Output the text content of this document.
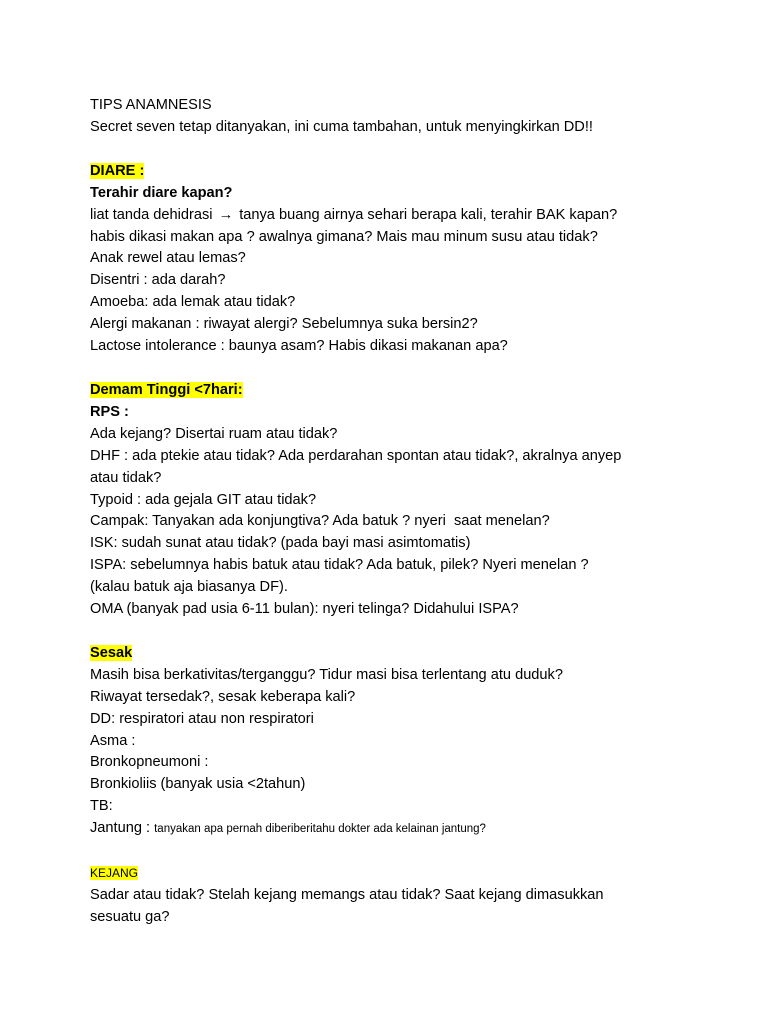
TIPS ANAMNESIS
Secret seven tetap ditanyakan, ini cuma tambahan, untuk menyingkirkan DD!!
DIARE :
Terahir diare kapan?
liat tanda dehidrasi → tanya buang airnya sehari berapa kali, terahir BAK kapan?
habis dikasi makan apa ? awalnya gimana? Mais mau minum susu atau tidak?
Anak rewel atau lemas?
Disentri : ada darah?
Amoeba: ada lemak atau tidak?
Alergi makanan : riwayat alergi? Sebelumnya suka bersin2?
Lactose intolerance : baunya asam? Habis dikasi makanan apa?
Demam Tinggi <7hari:
RPS :
Ada kejang? Disertai ruam atau tidak?
DHF : ada ptekie atau tidak? Ada perdarahan spontan atau tidak?, akralnya anyep
atau tidak?
Typoid : ada gejala GIT atau tidak?
Campak: Tanyakan ada konjungtiva? Ada batuk ? nyeri  saat menelan?
ISK: sudah sunat atau tidak? (pada bayi masi asimtomatis)
ISPA: sebelumnya habis batuk atau tidak? Ada batuk, pilek? Nyeri menelan ?
(kalau batuk aja biasanya DF).
OMA (banyak pad usia 6-11 bulan): nyeri telinga? Didahului ISPA?
Sesak
Masih bisa berkativitas/terganggu? Tidur masi bisa terlentang atu duduk?
Riwayat tersedak?, sesak keberapa kali?
DD: respiratori atau non respiratori
Asma :
Bronkopneumoni :
Bronkioliis (banyak usia <2tahun)
TB:
Jantung : tanyakan apa pernah diberiberitahu dokter ada kelainan jantung?
KEJANG
Sadar atau tidak? Stelah kejang memangs atau tidak? Saat kejang dimasukkan
sesuatu ga?
